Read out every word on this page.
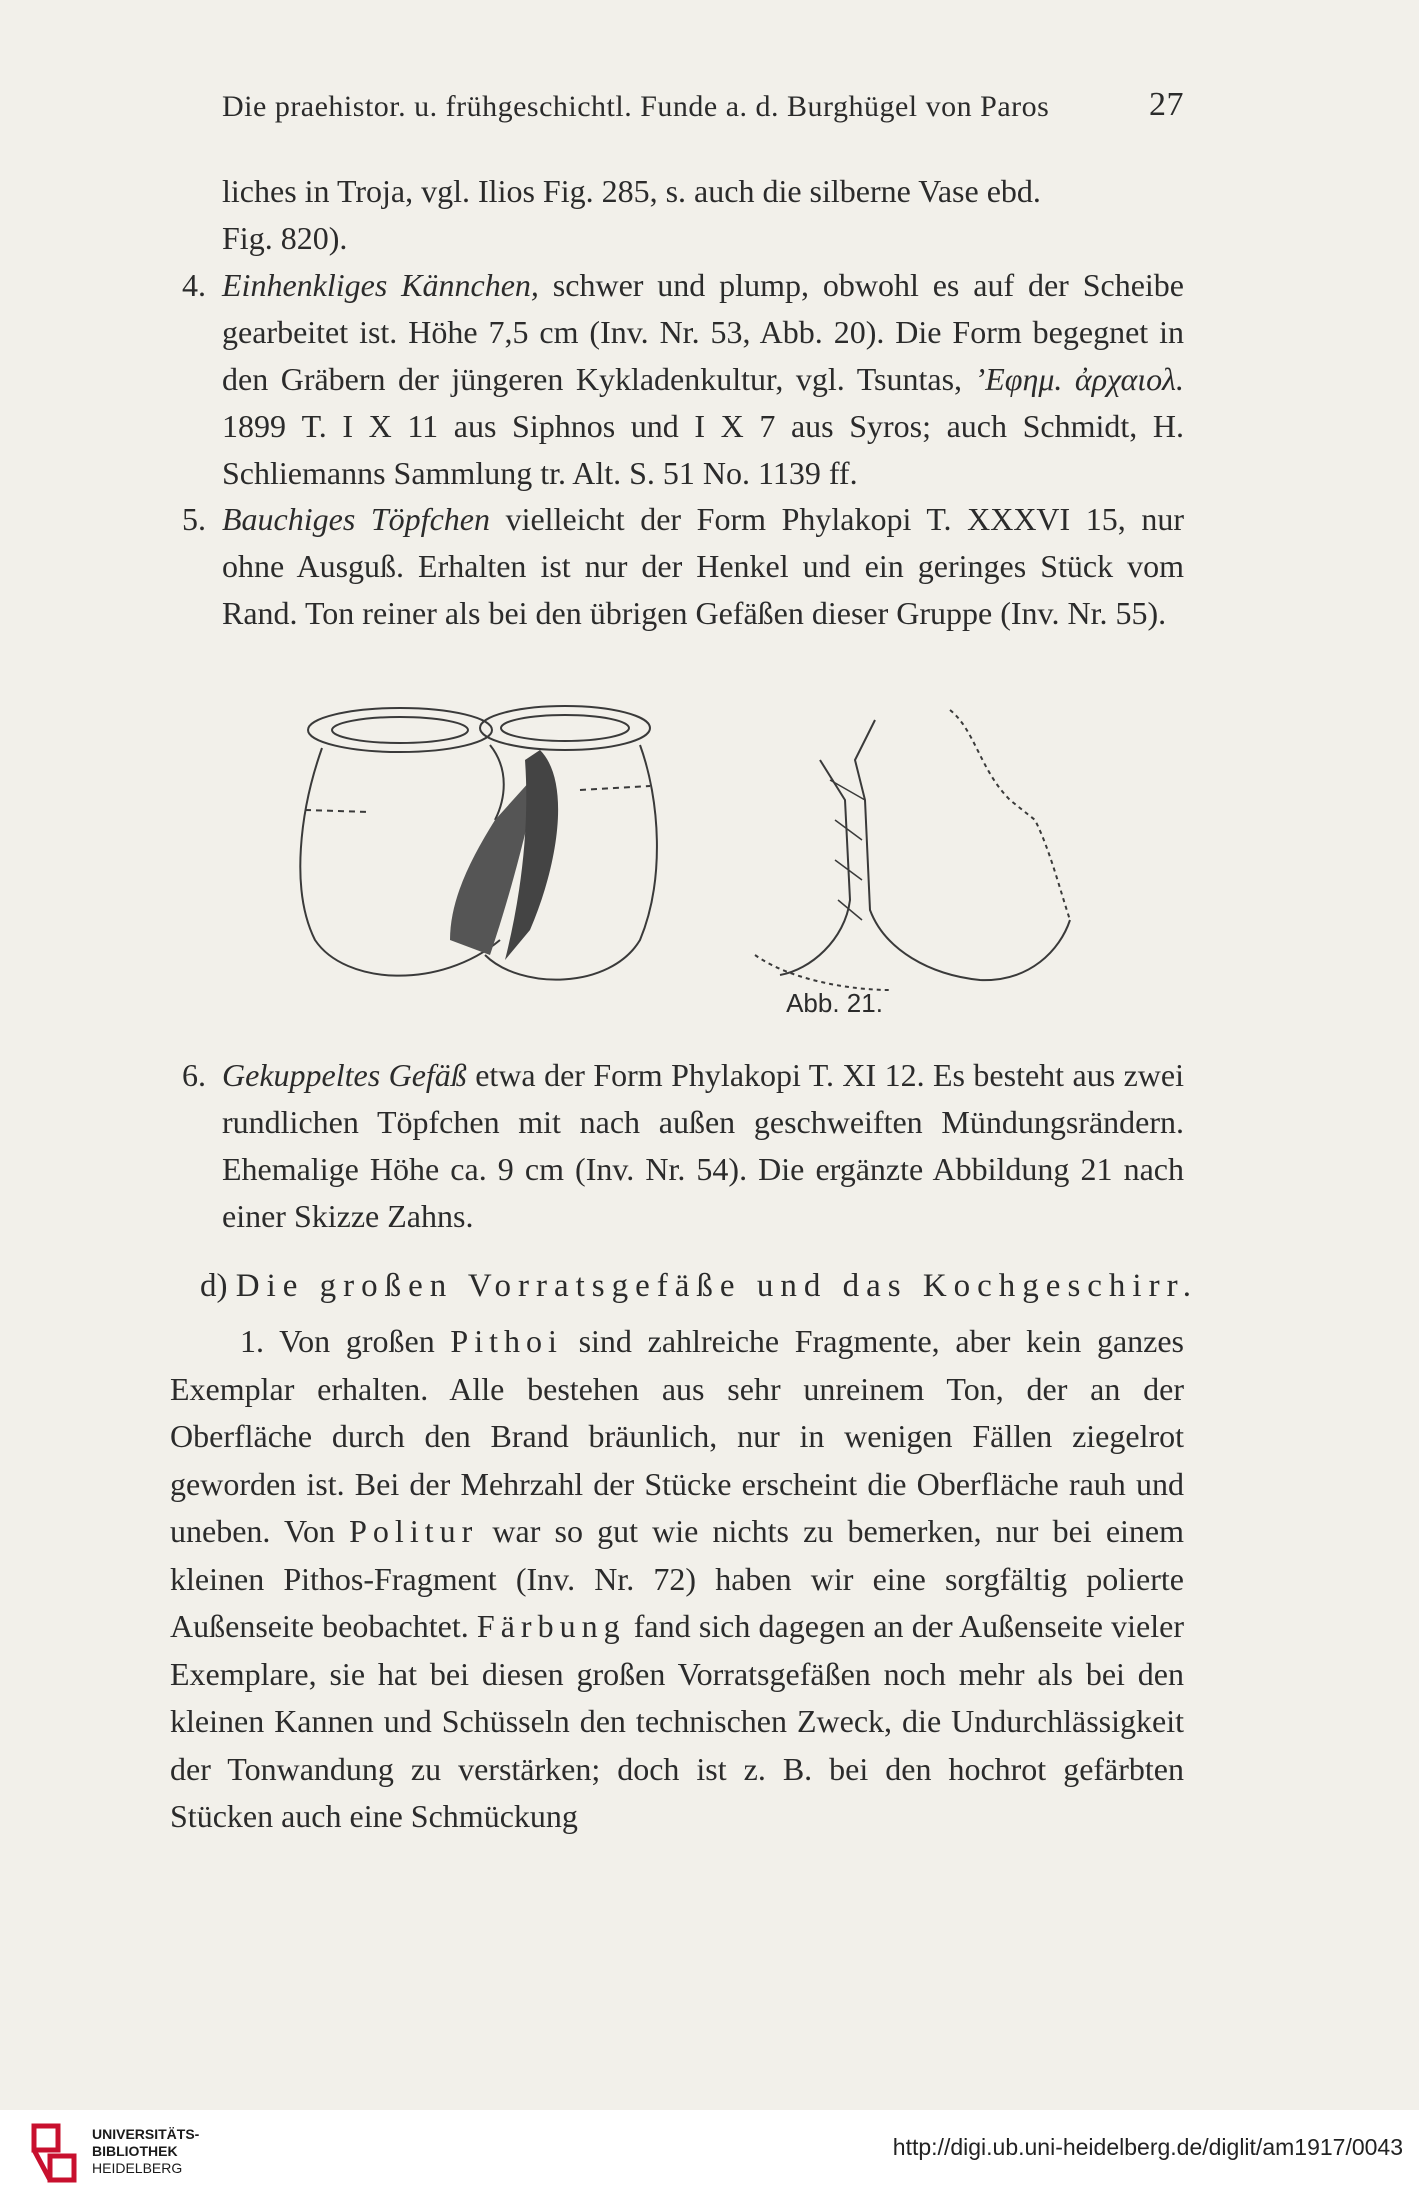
Die praehistor. u. frühgeschichtl. Funde a. d. Burghügel von Paros	27

liches in Troja, vgl. Ilios Fig. 285, s. auch die silberne Vase ebd.

Fig. 820).

4. Einhenkliges Kännchen, schwer und plump, obwohl es auf der Scheibe gearbeitet ist. Höhe 7,5 cm (Inv. Nr. 53, Abb. 20). Die Form begegnet in den Gräbern der jüngeren Kykladenkultur, vgl. Tsuntas, ’Εφημ. ἀρχαιολ. 1899 T. I X 11 aus Siphnos und I X 7 aus Syros; auch Schmidt, H. Schliemanns Sammlung tr. Alt. S. 51 No. 1139 ff.

5. Bauchiges Töpfchen vielleicht der Form Phylakopi T. XXXVI 15, nur ohne Ausguß. Erhalten ist nur der Henkel und ein geringes Stück vom Rand. Ton reiner als bei den übrigen Gefäßen dieser Gruppe (Inv. Nr. 55).

Abb. 21.

6. Gekuppeltes Gefäß etwa der Form Phylakopi T. XI 12. Es besteht aus zwei rundlichen Töpfchen mit nach außen geschweiften Mündungsrändern. Ehemalige Höhe ca. 9 cm (Inv. Nr. 54). Die ergänzte Abbildung 21 nach einer Skizze Zahns.

d) Die großen Vorratsgefäße und das Kochgeschirr.

1. Von großen Pithoi sind zahlreiche Fragmente, aber kein ganzes Exemplar erhalten. Alle bestehen aus sehr unreinem Ton, der an der Oberfläche durch den Brand bräunlich, nur in wenigen Fällen ziegelrot geworden ist. Bei der Mehrzahl der Stücke erscheint die Oberfläche rauh und uneben. Von Politur war so gut wie nichts zu bemerken, nur bei einem kleinen Pithos-Fragment (Inv. Nr. 72) haben wir eine sorgfältig polierte Außenseite beobachtet. Färbung fand sich dagegen an der Außenseite vieler Exemplare, sie hat bei diesen großen Vorratsgefäßen noch mehr als bei den kleinen Kannen und Schüsseln den technischen Zweck, die Undurchlässigkeit der Tonwandung zu verstärken; doch ist z. B. bei den hochrot gefärbten Stücken auch eine Schmückung

UNIVERSITÄTS-
BIBLIOTHEK
HEIDELBERG
http://digi.ub.uni-heidelberg.de/diglit/am1917/0043
